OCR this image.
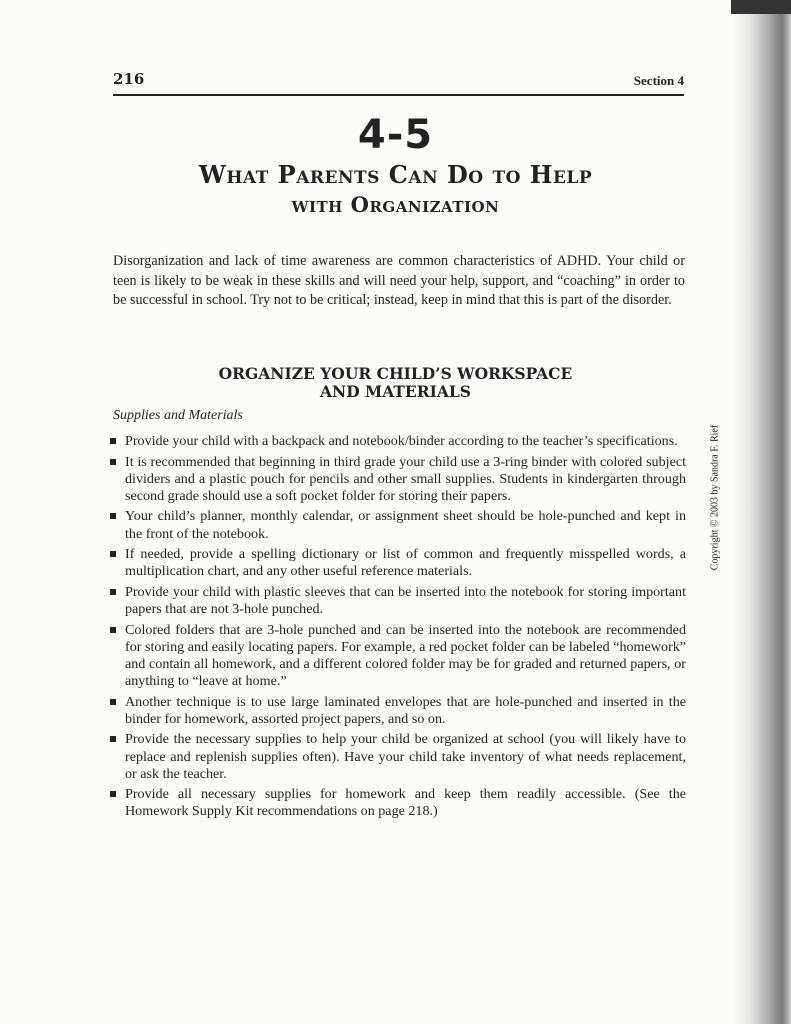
216	Section 4
4-5
What Parents Can Do to Help
with Organization

Disorganization and lack of time awareness are common characteristics of ADHD. Your child or teen is likely to be weak in these skills and will need your help, support, and “coaching” in order to be successful in school. Try not to be critical; instead, keep in mind that this is part of the disorder.

ORGANIZE YOUR CHILD’S WORKSPACE
AND MATERIALS
Supplies and Materials
Provide your child with a backpack and notebook/binder according to the teacher’s specifications.
It is recommended that beginning in third grade your child use a 3-ring binder with colored subject dividers and a plastic pouch for pencils and other small supplies. Students in kindergarten through second grade should use a soft pocket folder for storing their papers.
Your child’s planner, monthly calendar, or assignment sheet should be hole-punched and kept in the front of the notebook.
If needed, provide a spelling dictionary or list of common and frequently misspelled words, a multiplication chart, and any other useful reference materials.
Provide your child with plastic sleeves that can be inserted into the notebook for storing important papers that are not 3-hole punched.
Colored folders that are 3-hole punched and can be inserted into the notebook are recommended for storing and easily locating papers. For example, a red pocket folder can be labeled “homework” and contain all homework, and a different colored folder may be for graded and returned papers, or anything to “leave at home.”
Another technique is to use large laminated envelopes that are hole-punched and inserted in the binder for homework, assorted project papers, and so on.
Provide the necessary supplies to help your child be organized at school (you will likely have to replace and replenish supplies often). Have your child take inventory of what needs replacement, or ask the teacher.
Provide all necessary supplies for homework and keep them readily accessible. (See the Homework Supply Kit recommendations on page 218.)
Copyright © 2003 by Sandra F. Rief
